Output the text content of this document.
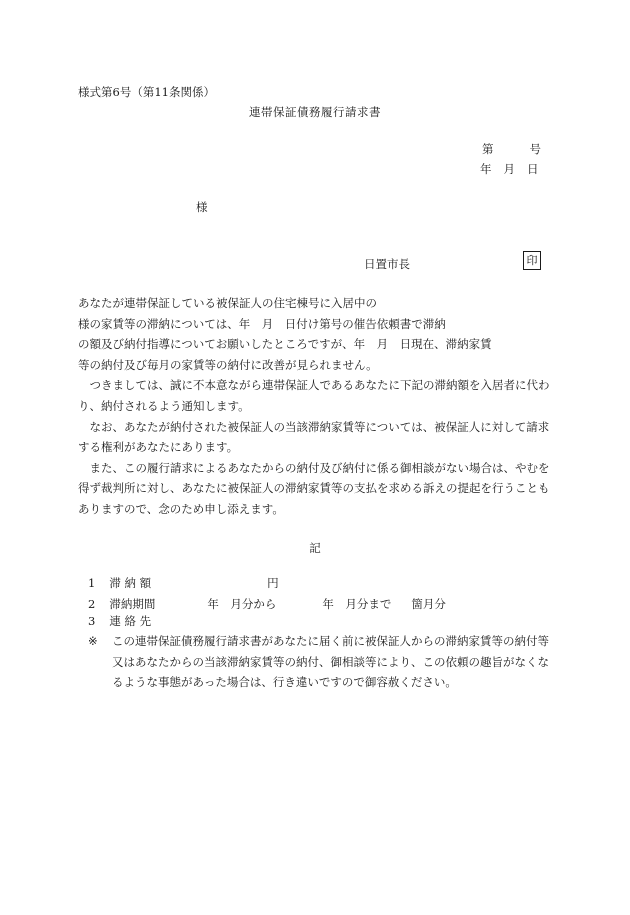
様式第6号（第11条関係）
連帯保証債務履行請求書
第	号
年 月 日
様
日置市長	印

あなたが連帯保証している被保証人の住宅棟号に入居中の
様の家賃等の滞納については、年　月　日付け第号の催告依頼書で滞納
の額及び納付指導についてお願いしたところですが、年　月　日現在、滞納家賃
等の納付及び毎月の家賃等の納付に改善が見られません。

つきましては、誠に不本意ながら連帯保証人であるあなたに下記の滞納額を入居者に代わり、納付されるよう通知します。

なお、あなたが納付された被保証人の当該滞納家賃等については、被保証人に対して請求する権利があなたにあります。

また、この履行請求によるあなたからの納付及び納付に係る御相談がない場合は、やむを得ず裁判所に対し、あなたに被保証人の滞納家賃等の支払を求める訴えの提起を行うこともありますので、念のため申し添えます。

記
1 滞 納 額	円
2 滞納期間	年　月分から	年　月分まで 箇月分
3 連 絡 先
※	この連帯保証債務履行請求書があなたに届く前に被保証人からの滞納家賃等の納付等又はあなたからの当該滞納家賃等の納付、御相談等により、この依頼の趣旨がなくなるような事態があった場合は、行き違いですので御容赦ください。
